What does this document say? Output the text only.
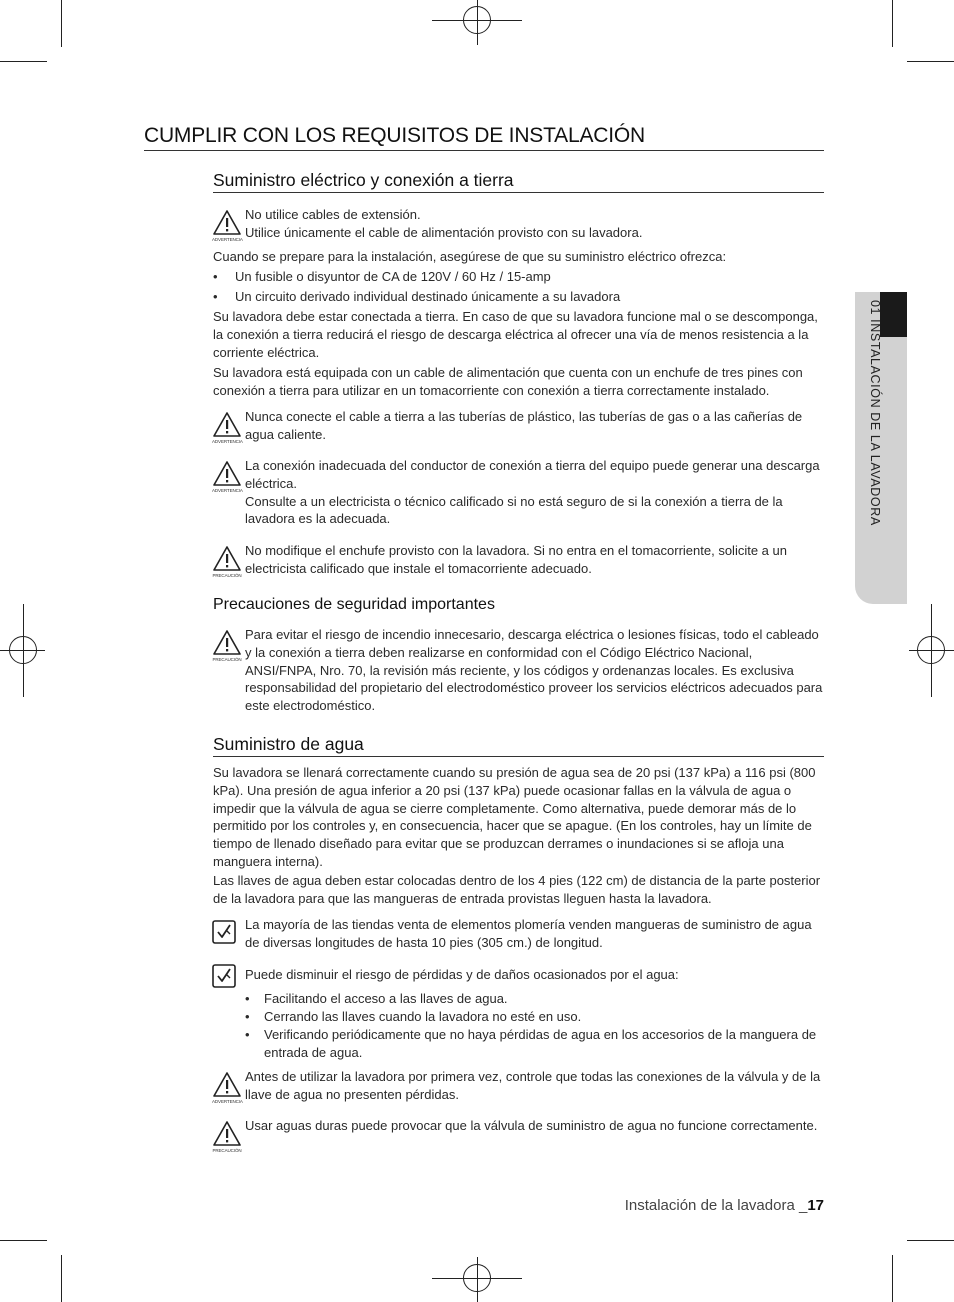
01 INSTALACIÓN DE LA LAVADORA
CUMPLIR CON LOS REQUISITOS DE INSTALACIÓN
Suministro eléctrico y conexión a tierra
ADVERTENCIA
No utilice cables de extensión.
Utilice únicamente el cable de alimentación provisto con su lavadora.
Cuando se prepare para la instalación, asegúrese de que su suministro eléctrico ofrezca:
•	Un fusible o disyuntor de CA de 120V / 60 Hz / 15-amp
•	Un circuito derivado individual destinado únicamente a su lavadora
Su lavadora debe estar conectada a tierra. En caso de que su lavadora funcione mal o se descomponga, la conexión a tierra reducirá el riesgo de descarga eléctrica al ofrecer una vía de menos resistencia a la corriente eléctrica.
Su lavadora está equipada con un cable de alimentación que cuenta con un enchufe de tres pines con conexión a tierra para utilizar en un tomacorriente con conexión a tierra correctamente instalado.
ADVERTENCIA
Nunca conecte el cable a tierra a las tuberías de plástico, las tuberías de gas o a las cañerías de agua caliente.
ADVERTENCIA
La conexión inadecuada del conductor de conexión a tierra del equipo puede generar una descarga eléctrica.
Consulte a un electricista o técnico calificado si no está seguro de si la conexión a tierra de la lavadora es la adecuada.
PRECAUCIÓN
No modifique el enchufe provisto con la lavadora. Si no entra en el tomacorriente, solicite a un electricista calificado que instale el tomacorriente adecuado.
Precauciones de seguridad importantes
PRECAUCIÓN
Para evitar el riesgo de incendio innecesario, descarga eléctrica o lesiones físicas, todo el cableado y la conexión a tierra deben realizarse en conformidad con el Código Eléctrico Nacional, ANSI/FNPA, Nro. 70, la revisión más reciente, y los códigos y ordenanzas locales. Es exclusiva responsabilidad del propietario del electrodoméstico proveer los servicios eléctricos adecuados para este electrodoméstico.
Suministro de agua
Su lavadora se llenará correctamente cuando su presión de agua sea de 20 psi (137 kPa) a 116 psi (800 kPa). Una presión de agua inferior a 20 psi (137 kPa) puede ocasionar fallas en la válvula de agua o impedir que la válvula de agua se cierre completamente. Como alternativa, puede demorar más de lo permitido por los controles y, en consecuencia, hacer que se apague. (En los controles, hay un límite de tiempo de llenado diseñado para evitar que se produzcan derrames o inundaciones si se afloja una manguera interna).
Las llaves de agua deben estar colocadas dentro de los 4 pies (122 cm) de distancia de la parte posterior de la lavadora para que las mangueras de entrada provistas lleguen hasta la lavadora.
La mayoría de las tiendas venta de elementos plomería venden mangueras de suministro de agua de diversas longitudes de hasta 10 pies (305 cm.) de longitud.
Puede disminuir el riesgo de pérdidas y de daños ocasionados por el agua:
•	Facilitando el acceso a las llaves de agua.
•	Cerrando las llaves cuando la lavadora no esté en uso.
•	Verificando periódicamente que no haya pérdidas de agua en los accesorios de la manguera de entrada de agua.
ADVERTENCIA
Antes de utilizar la lavadora por primera vez, controle que todas las conexiones de la válvula y de la llave de agua no presenten pérdidas.
PRECAUCIÓN
Usar aguas duras puede provocar que la válvula de suministro de agua no funcione correctamente.
Instalación de la lavadora _17
